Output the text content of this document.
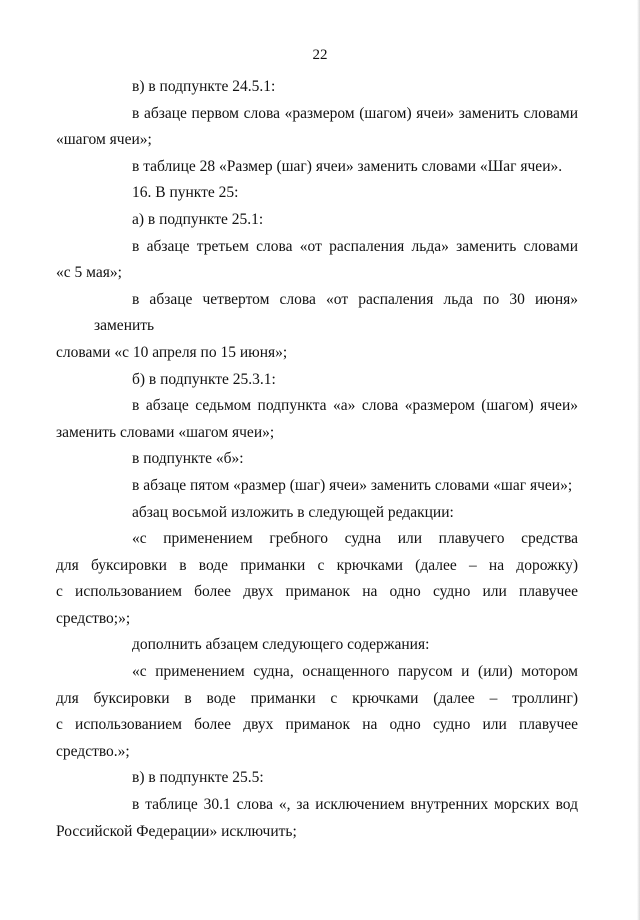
22

в) в подпункте 24.5.1:

в абзаце первом слова «размером (шагом) ячеи» заменить словами
«шагом ячеи»;

в таблице 28 «Размер (шаг) ячеи» заменить словами «Шаг ячеи».

16. В пункте 25:

а) в подпункте 25.1:

в абзаце третьем слова «от распаления льда» заменить словами
«с 5 мая»;

в абзаце четвертом слова «от распаления льда по 30 июня» заменить
словами «с 10 апреля по 15 июня»;

б) в подпункте 25.3.1:

в абзаце седьмом подпункта «а» слова «размером (шагом) ячеи»
заменить словами «шагом ячеи»;

в подпункте «б»:

в абзаце пятом «размер (шаг) ячеи» заменить словами «шаг ячеи»;

абзац восьмой изложить в следующей редакции:

«с применением гребного судна или плавучего средства
для буксировки в воде приманки с крючками (далее – на дорожку)
с использованием более двух приманок на одно судно или плавучее
средство;»;

дополнить абзацем следующего содержания:

«с применением судна, оснащенного парусом и (или) мотором
для буксировки в воде приманки с крючками (далее – троллинг)
с использованием более двух приманок на одно судно или плавучее
средство.»;

в) в подпункте 25.5:

в таблице 30.1 слова «, за исключением внутренних морских вод
Российской Федерации» исключить;
